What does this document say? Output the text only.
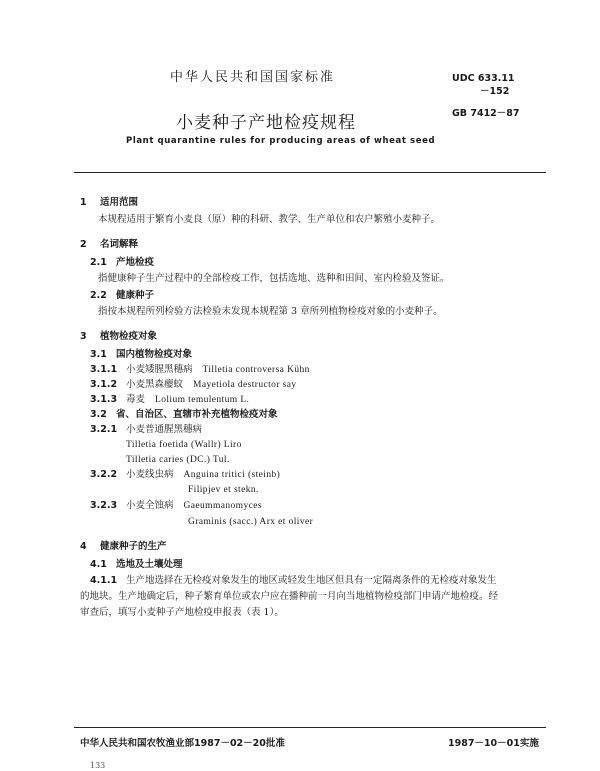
中华人民共和国国家标准	UDC 633.11
－152
小麦种子产地检疫规程	GB 7412－87
Plant quarantine rules for producing areas of wheat seed
1 适用范围
本规程适用于繁育小麦良（原）种的科研、教学、生产单位和农户繁殖小麦种子。
2 名词解释
2.1 产地检疫
指健康种子生产过程中的全部检疫工作，包括选地、选种和田间、室内检验及签证。
2.2 健康种子
指按本规程所列检验方法检验未发现本规程第 3 章所列植物检疫对象的小麦种子。
3 植物检疫对象
3.1 国内植物检疫对象
3.1.1 小麦矮腥黑穗病 Tilletia controversa Kühn
3.1.2 小麦黑森瘿蚊 Mayetiola destructor say
3.1.3 毒麦 Lolium temulentum L.
3.2 省、自治区、直辖市补充植物检疫对象
3.2.1 小麦普通腥黑穗病
Tilletia foetida (Wallr) Liro
Tilletia caries (DC.) Tul.
3.2.2 小麦线虫病 Anguina tritici (steinb)
Filipjev et stekn.
3.2.3 小麦全蚀病 Gaeummanomyces
Graminis (sacc.) Arx et oliver
4 健康种子的生产
4.1 选地及土壤处理
4.1.1 生产地选择在无检疫对象发生的地区或轻发生地区但具有一定隔离条件的无检疫对象发生
的地块。生产地确定后，种子繁育单位或农户应在播种前一月向当地植物检疫部门申请产地检疫。经
审查后，填写小麦种子产地检疫申报表（表 1）。
中华人民共和国农牧渔业部1987－02－20批准	1987－10－01实施
133
